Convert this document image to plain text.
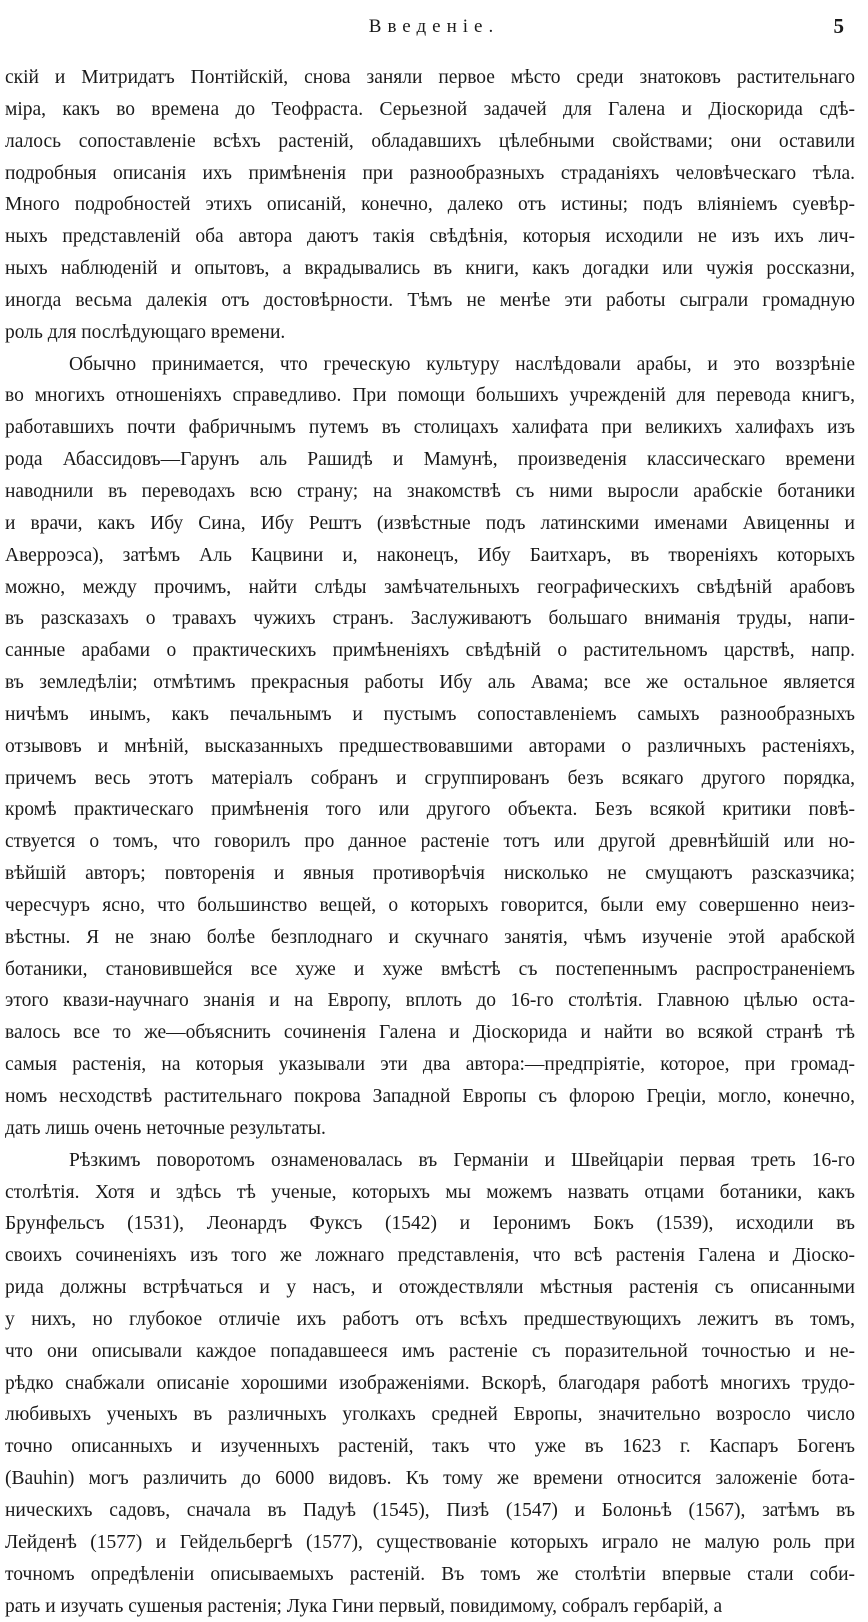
Введеніе.	5
скій и Митридатъ Понтійскій, снова заняли первое мѣсто среди знатоковъ растительнаго
міра, какъ во времена до Теофраста. Серьезной задачей для Галена и Діоскорида сдѣ-
лалось сопоставленіе всѣхъ растеній, обладавшихъ цѣлебными свойствами; они оставили
подробныя описанія ихъ примѣненія при разнообразныхъ страданіяхъ человѣческаго тѣла.
Много подробностей этихъ описаній, конечно, далеко отъ истины; подъ вліяніемъ суевѣр-
ныхъ представленій оба автора даютъ такія свѣдѣнія, которыя исходили не изъ ихъ лич-
ныхъ наблюденій и опытовъ, а вкрадывались въ книги, какъ догадки или чужія россказни,
иногда весьма далекія отъ достовѣрности. Тѣмъ не менѣе эти работы сыграли громадную
роль для послѣдующаго времени.
Обычно принимается, что греческую культуру наслѣдовали арабы, и это воззрѣніе
во многихъ отношеніяхъ справедливо. При помощи большихъ учрежденій для перевода книгъ,
работавшихъ почти фабричнымъ путемъ въ столицахъ халифата при великихъ халифахъ изъ
рода Абассидовъ—Гарунъ аль Рашидѣ и Мамунѣ, произведенія классическаго времени
наводнили въ переводахъ всю страну; на знакомствѣ съ ними выросли арабскіе ботаники
и врачи, какъ Ибу Сина, Ибу Рештъ (извѣстные подъ латинскими именами Авиценны и
Аверроэса), затѣмъ Аль Кацвини и, наконецъ, Ибу Баитхаръ, въ твореніяхъ которыхъ
можно, между прочимъ, найти слѣды замѣчательныхъ географическихъ свѣдѣній арабовъ
въ разсказахъ о травахъ чужихъ странъ. Заслуживаютъ большаго вниманія труды, напи-
санные арабами о практическихъ примѣненіяхъ свѣдѣній о растительномъ царствѣ, напр.
въ земледѣліи; отмѣтимъ прекрасныя работы Ибу аль Авама; все же остальное является
ничѣмъ инымъ, какъ печальнымъ и пустымъ сопоставленіемъ самыхъ разнообразныхъ
отзывовъ и мнѣній, высказанныхъ предшествовавшими авторами о различныхъ растеніяхъ,
причемъ весь этотъ матеріалъ собранъ и сгруппированъ безъ всякаго другого порядка,
кромѣ практическаго примѣненія того или другого объекта. Безъ всякой критики повѣ-
ствуется о томъ, что говорилъ про данное растеніе тотъ или другой древнѣйшій или но-
вѣйшій авторъ; повторенія и явныя противорѣчія нисколько не смущаютъ разсказчика;
чересчуръ ясно, что большинство вещей, о которыхъ говорится, были ему совершенно неиз-
вѣстны. Я не знаю болѣе безплоднаго и скучнаго занятія, чѣмъ изученіе этой арабской
ботаники, становившейся все хуже и хуже вмѣстѣ съ постепеннымъ распространеніемъ
этого квази-научнаго знанія и на Европу, вплоть до 16-го столѣтія. Главною цѣлью оста-
валось все то же—объяснить сочиненія Галена и Діоскорида и найти во всякой странѣ тѣ
самыя растенія, на которыя указывали эти два автора:—предпріятіе, которое, при громад-
номъ несходствѣ растительнаго покрова Западной Европы съ флорою Греціи, могло, конечно,
дать лишь очень неточные результаты.
Рѣзкимъ поворотомъ ознаменовалась въ Германіи и Швейцаріи первая треть 16-го
столѣтія. Хотя и здѣсь тѣ ученые, которыхъ мы можемъ назвать отцами ботаники, какъ
Брунфельсъ (1531), Леонардъ Фуксъ (1542) и Іеронимъ Бокъ (1539), исходили въ
своихъ сочиненіяхъ изъ того же ложнаго представленія, что всѣ растенія Галена и Діоско-
рида должны встрѣчаться и у насъ, и отождествляли мѣстныя растенія съ описанными
у нихъ, но глубокое отличіе ихъ работъ отъ всѣхъ предшествующихъ лежитъ въ томъ,
что они описывали каждое попадавшееся имъ растеніе съ поразительной точностью и не-
рѣдко снабжали описаніе хорошими изображеніями. Вскорѣ, благодаря работѣ многихъ трудо-
любивыхъ ученыхъ въ различныхъ уголкахъ средней Европы, значительно возросло число
точно описанныхъ и изученныхъ растеній, такъ что уже въ 1623 г. Каспаръ Богенъ
(Bauhin) могъ различить до 6000 видовъ. Къ тому же времени относится заложеніе бота-
ническихъ садовъ, сначала въ Падуѣ (1545), Пизѣ (1547) и Болоньѣ (1567), затѣмъ въ
Лейденѣ (1577) и Гейдельбергѣ (1577), существованіе которыхъ играло не малую роль при
точномъ опредѣленіи описываемыхъ растеній. Въ томъ же столѣтіи впервые стали соби-
рать и изучать сушеныя растенія; Лука Гини первый, повидимому, собралъ гербарій, а
